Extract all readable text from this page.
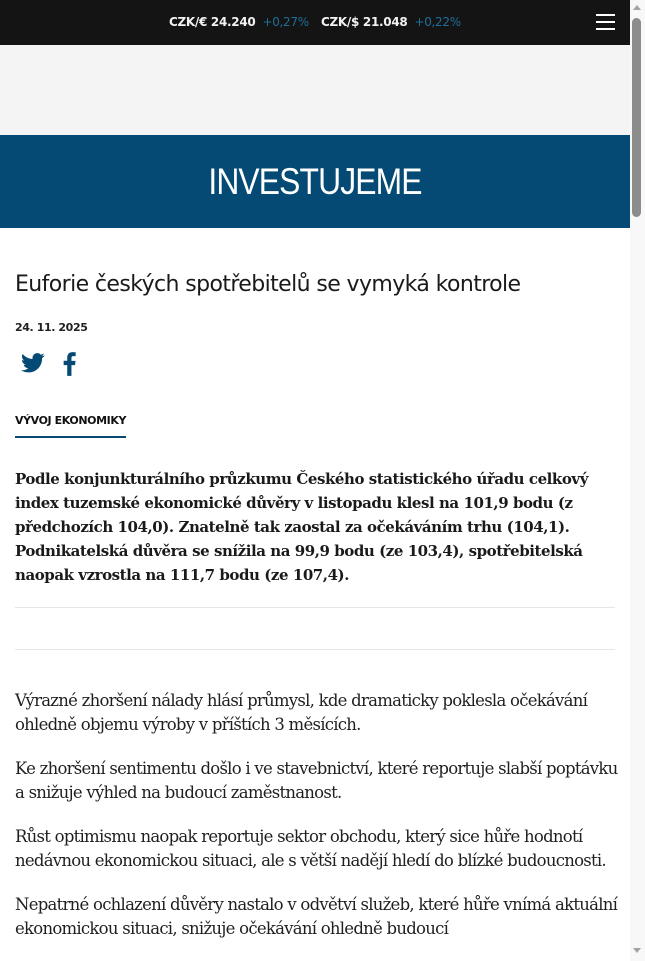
CZK/€ 24.240 +0,27% CZK/$ 21.048 +0,22%
INVESTUJEME
Euforie českých spotřebitelů se vymyká kontrole
24. 11. 2025
VÝVOJ EKONOMIKY
Podle konjunkturálního průzkumu Českého statistického úřadu celkový index tuzemské ekonomické důvěry v listopadu klesl na 101,9 bodu (z předchozích 104,0). Znatelně tak zaostal za očekáváním trhu (104,1). Podnikatelská důvěra se snížila na 99,9 bodu (ze 103,4), spotřebitelská naopak vzrostla na 111,7 bodu (ze 107,4).

Výrazné zhoršení nálady hlásí průmysl, kde dramaticky poklesla očekávání ohledně objemu výroby v příštích 3 měsících.

Ke zhoršení sentimentu došlo i ve stavebnictví, které reportuje slabší poptávku a snižuje výhled na budoucí zaměstnanost.

Růst optimismu naopak reportuje sektor obchodu, který sice hůře hodnotí nedávnou ekonomickou situaci, ale s větší nadějí hledí do blízké budoucnosti.

Nepatrné ochlazení důvěry nastalo v odvětví služeb, které hůře vnímá aktuální ekonomickou situaci, snižuje očekávání ohledně budoucí
